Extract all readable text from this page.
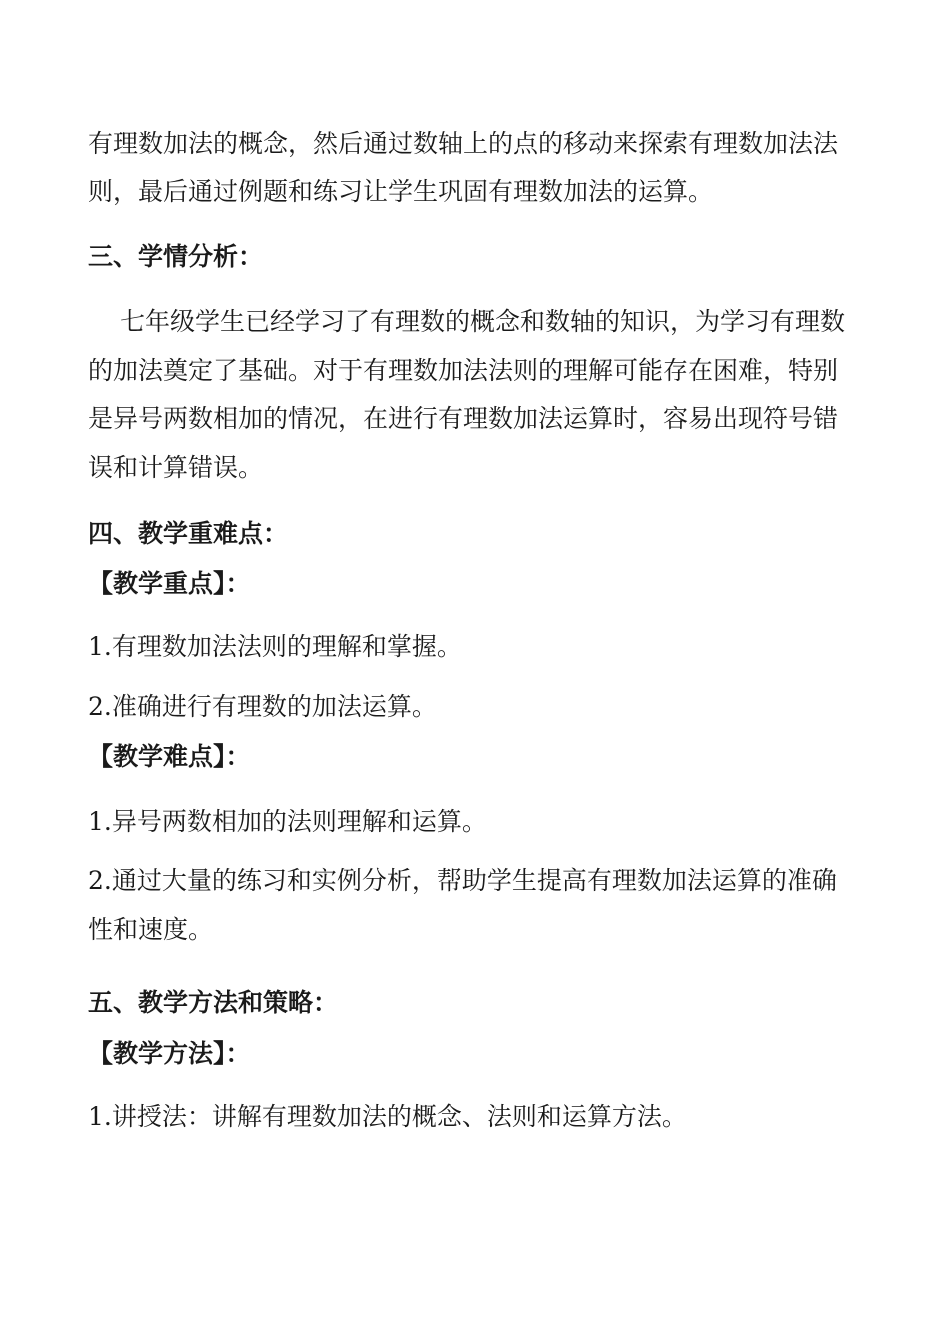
有理数加法的概念，然后通过数轴上的点的移动来探索有理数加法法
则，最后通过例题和练习让学生巩固有理数加法的运算。
三、学情分析：
七年级学生已经学习了有理数的概念和数轴的知识，为学习有理数
的加法奠定了基础。对于有理数加法法则的理解可能存在困难，特别
是异号两数相加的情况，在进行有理数加法运算时，容易出现符号错
误和计算错误。
四、教学重难点：
【教学重点】：
1.有理数加法法则的理解和掌握。
2.准确进行有理数的加法运算。
【教学难点】：
1.异号两数相加的法则理解和运算。
2.通过大量的练习和实例分析，帮助学生提高有理数加法运算的准确
性和速度。
五、教学方法和策略：
【教学方法】：
1.讲授法：讲解有理数加法的概念、法则和运算方法。
